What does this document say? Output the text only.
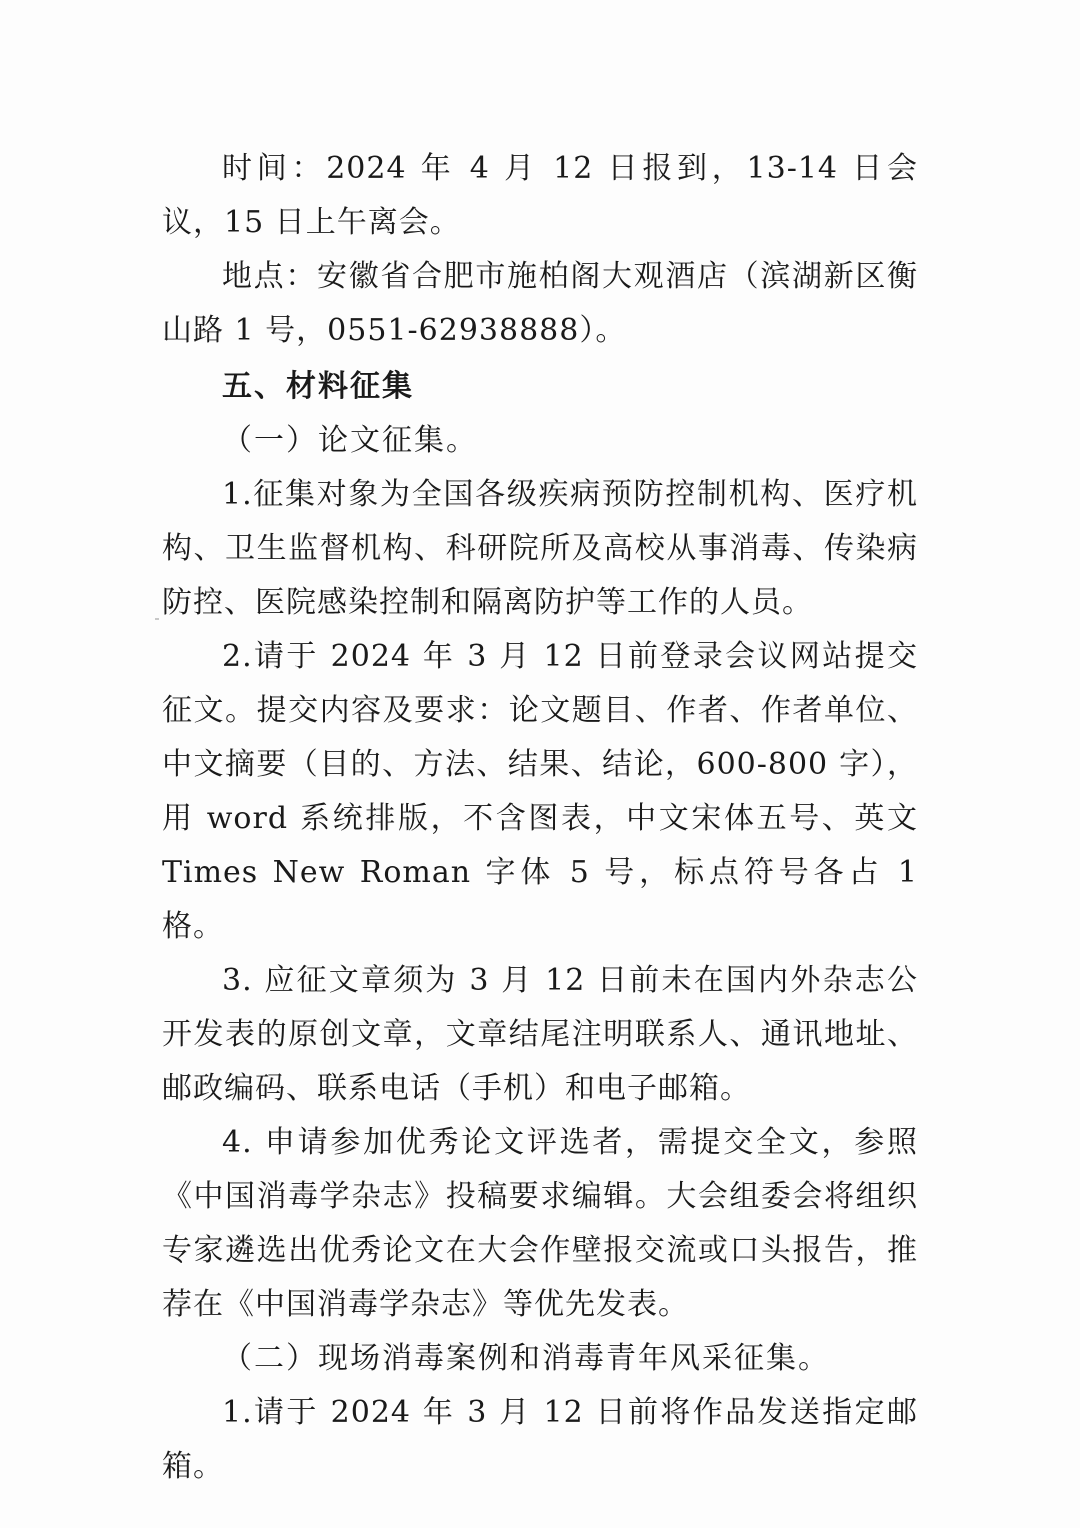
时间：2024 年 4 月 12 日报到，13-14 日会议，15 日上午离会。

地点：安徽省合肥市施柏阁大观酒店（滨湖新区衡山路 1 号，0551-62938888）。

五、材料征集

（一）论文征集。

1.征集对象为全国各级疾病预防控制机构、医疗机构、卫生监督机构、科研院所及高校从事消毒、传染病防控、医院感染控制和隔离防护等工作的人员。

2.请于 2024 年 3 月 12 日前登录会议网站提交征文。提交内容及要求：论文题目、作者、作者单位、中文摘要（目的、方法、结果、结论，600-800 字），用 word 系统排版，不含图表，中文宋体五号、英文 Times New Roman 字体 5 号，标点符号各占 1 格。

3. 应征文章须为 3 月 12 日前未在国内外杂志公开发表的原创文章，文章结尾注明联系人、通讯地址、邮政编码、联系电话（手机）和电子邮箱。

4. 申请参加优秀论文评选者，需提交全文，参照《中国消毒学杂志》投稿要求编辑。大会组委会将组织专家遴选出优秀论文在大会作壁报交流或口头报告，推荐在《中国消毒学杂志》等优先发表。

（二）现场消毒案例和消毒青年风采征集。

1.请于 2024 年 3 月 12 日前将作品发送指定邮箱。
